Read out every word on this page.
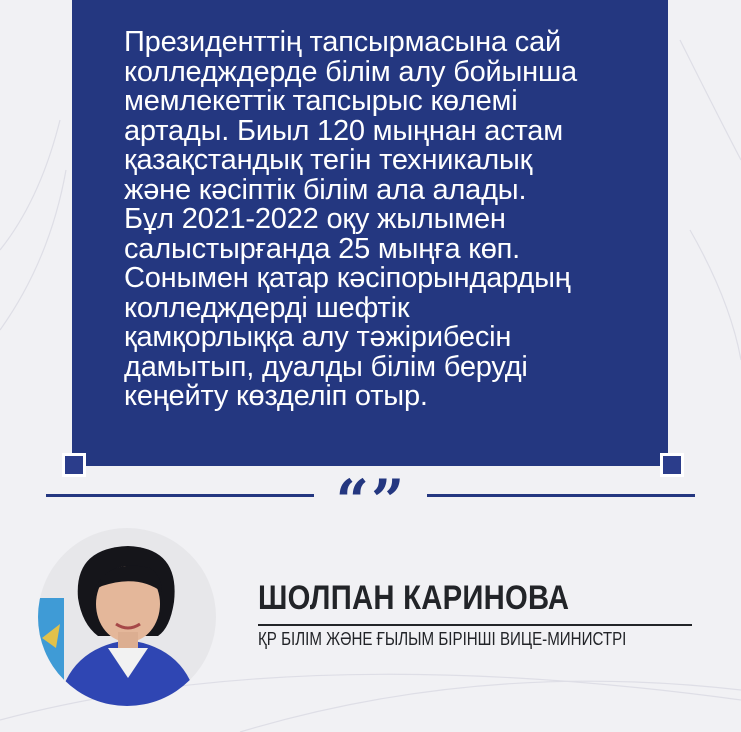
Президенттің тапсырмасына сай
колледждерде білім алу бойынша
мемлекеттік тапсырыс көлемі
артады. Биыл 120 мыңнан астам
қазақстандық тегін техникалық
және кәсіптік білім ала алады.
Бұл 2021-2022 оқу жылымен
салыстырғанда 25 мыңға көп.
Сонымен қатар кәсіпорындардың
колледждерді шефтік
қамқорлыққа алу тәжірибесін
дамытып, дуалды білім беруді
кеңейту көзделіп отыр.

“”
ШОЛПАН КАРИНОВА

ҚР БІЛІМ ЖӘНЕ ҒЫЛЫМ БІРІНШІ ВИЦЕ-МИНИСТРІ
